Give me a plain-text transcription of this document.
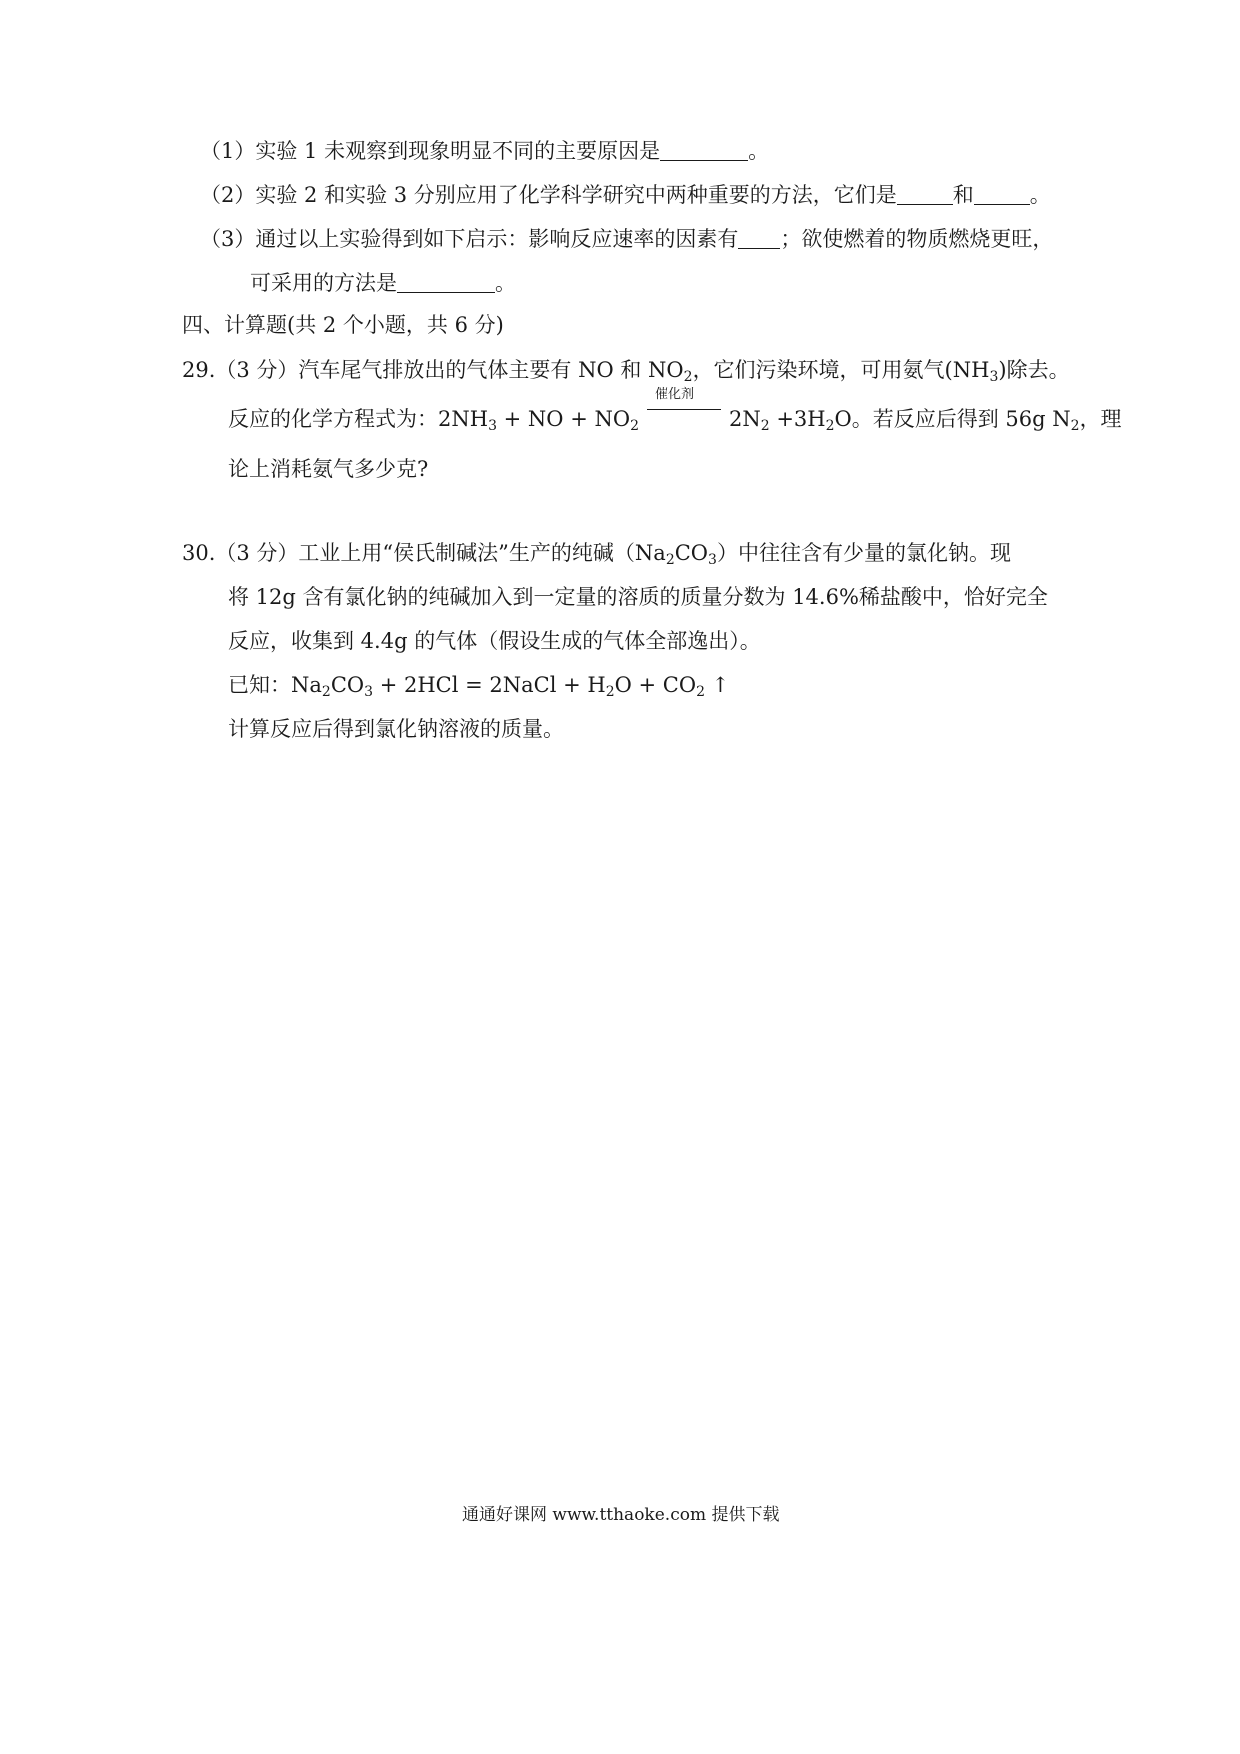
（1）实验 1 未观察到现象明显不同的主要原因是	。
（2）实验 2 和实验 3 分别应用了化学科学研究中两种重要的方法，它们是	和	。
（3）通过以上实验得到如下启示：影响反应速率的因素有 ；欲使燃着的物质燃烧更旺，
可采用的方法是	。
四、计算题(共 2 个小题，共 6 分)
29.（3 分）汽车尾气排放出的气体主要有 NO 和 $NO_2$，它们污染环境，可用氨气$(NH_3)$除去。
反应的化学方程式为：$2NH_3$ + NO + $NO_2$
催化剂
$2N_2 +3H_2O$。若反应后得到 56g $N_2$，理
论上消耗氨气多少克?
30.（3 分）工业上用“侯氏制碱法”生产的纯碱$(Na_2CO_3)$中往往含有少量的氯化钠。现
将 12g 含有氯化钠的纯碱加入到一定量的溶质的质量分数为 14.6%稀盐酸中，恰好完全
反应，收集到 4.4g 的气体（假设生成的气体全部逸出）。
已知：$Na_2CO_3 + 2HCl$ = 2NaCl + $H_2O + CO_2$ ↑
计算反应后得到氯化钠溶液的质量。
通通好课网 www.tthaoke.com 提供下载
